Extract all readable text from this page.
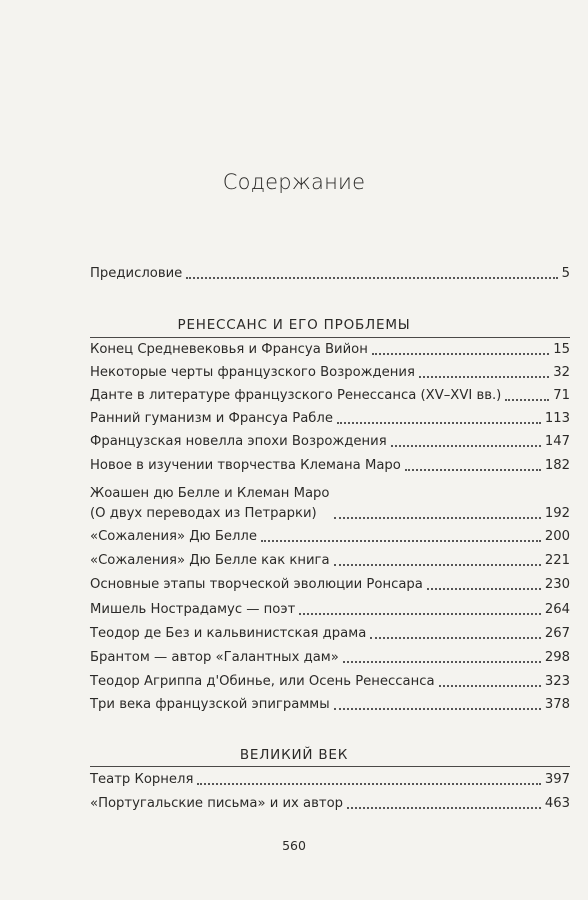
Содержание
Предисловие	5
РЕНЕССАНС И ЕГО ПРОБЛЕМЫ
Конец Средневековья и Франсуа Вийон	15
Некоторые черты французского Возрождения	32
Данте в литературе французского Ренессанса (XV–XVI вв.)	71
Ранний гуманизм и Франсуа Рабле	113
Французская новелла эпохи Возрождения	147
Новое в изучении творчества Клемана Маро	182
Жоашен дю Белле и Клеман Маро
(О двух переводах из Петрарки)	192
«Сожаления» Дю Белле	200
«Сожаления» Дю Белле как книга	221
Основные этапы творческой эволюции Ронсара	230
Мишель Нострадамус — поэт	264
Теодор де Без и кальвинистская драма	267
Брантом — автор «Галантных дам»	298
Теодор Агриппа д'Обинье, или Осень Ренессанса	323
Три века французской эпиграммы	378
ВЕЛИКИЙ ВЕК
Театр Корнеля	397
«Португальские письма» и их автор	463
560
